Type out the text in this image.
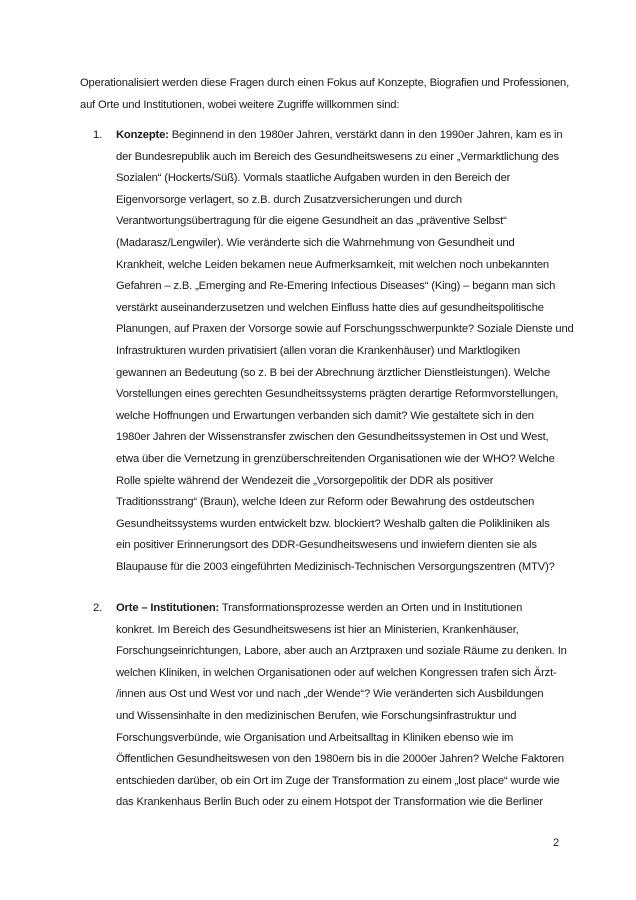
Operationalisiert werden diese Fragen durch einen Fokus auf Konzepte, Biografien und Professionen,
auf Orte und Institutionen, wobei weitere Zugriffe willkommen sind:
1. Konzepte: Beginnend in den 1980er Jahren, verstärkt dann in den 1990er Jahren, kam es in
der Bundesrepublik auch im Bereich des Gesundheitswesens zu einer „Vermarktlichung des
Sozialen“ (Hockerts/Süß). Vormals staatliche Aufgaben wurden in den Bereich der
Eigenvorsorge verlagert, so z.B. durch Zusatzversicherungen und durch
Verantwortungsübertragung für die eigene Gesundheit an das „präventive Selbst“
(Madarasz/Lengwiler). Wie veränderte sich die Wahrnehmung von Gesundheit und
Krankheit, welche Leiden bekamen neue Aufmerksamkeit, mit welchen noch unbekannten
Gefahren – z.B. „Emerging and Re-Emering Infectious Diseases“ (King) – begann man sich
verstärkt auseinanderzusetzen und welchen Einfluss hatte dies auf gesundheitspolitische
Planungen, auf Praxen der Vorsorge sowie auf Forschungsschwerpunkte? Soziale Dienste und
Infrastrukturen wurden privatisiert (allen voran die Krankenhäuser) und Marktlogiken
gewannen an Bedeutung (so z. B bei der Abrechnung ärztlicher Dienstleistungen). Welche
Vorstellungen eines gerechten Gesundheitssystems prägten derartige Reformvorstellungen,
welche Hoffnungen und Erwartungen verbanden sich damit? Wie gestaltete sich in den
1980er Jahren der Wissenstransfer zwischen den Gesundheitssystemen in Ost und West,
etwa über die Vernetzung in grenzüberschreitenden Organisationen wie der WHO? Welche
Rolle spielte während der Wendezeit die „Vorsorgepolitik der DDR als positiver
Traditionsstrang“ (Braun), welche Ideen zur Reform oder Bewahrung des ostdeutschen
Gesundheitssystems wurden entwickelt bzw. blockiert? Weshalb galten die Polikliniken als
ein positiver Erinnerungsort des DDR-Gesundheitswesens und inwiefern dienten sie als
Blaupause für die 2003 eingeführten Medizinisch-Technischen Versorgungszentren (MTV)?
2. Orte – Institutionen: Transformationsprozesse werden an Orten und in Institutionen
konkret. Im Bereich des Gesundheitswesens ist hier an Ministerien, Krankenhäuser,
Forschungseinrichtungen, Labore, aber auch an Arztpraxen und soziale Räume zu denken. In
welchen Kliniken, in welchen Organisationen oder auf welchen Kongressen trafen sich Ärzt-
/innen aus Ost und West vor und nach „der Wende“? Wie veränderten sich Ausbildungen
und Wissensinhalte in den medizinischen Berufen, wie Forschungsinfrastruktur und
Forschungsverbünde, wie Organisation und Arbeitsalltag in Kliniken ebenso wie im
Öffentlichen Gesundheitswesen von den 1980ern bis in die 2000er Jahren? Welche Faktoren
entschieden darüber, ob ein Ort im Zuge der Transformation zu einem „lost place“ wurde wie
das Krankenhaus Berlin Buch oder zu einem Hotspot der Transformation wie die Berliner
2
